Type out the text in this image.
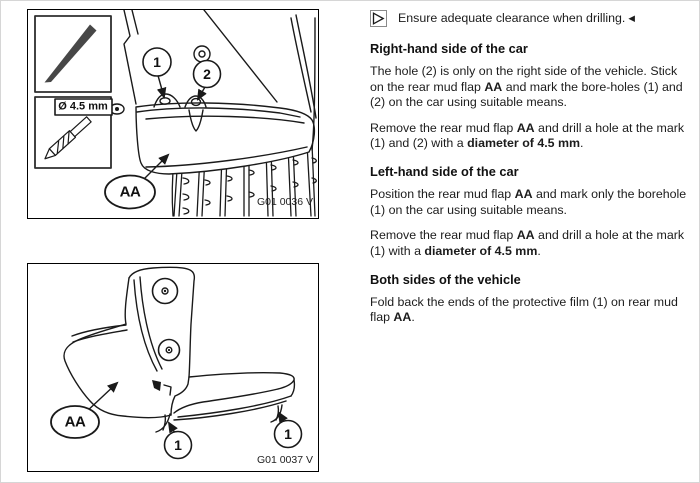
1
2
AA
Ø 4.5 mm
G01 0036 V
AA
1
1
G01 0037 V
Ensure adequate clearance when drilling. ◀
Right-hand side of the car

The hole (2) is only on the right side of the vehicle. Stick on the rear mud flap AA and mark the bore-holes (1) and (2) on the car using suitable means.

Remove the rear mud flap AA and drill a hole at the mark (1) and (2) with a diameter of 4.5 mm.

Left-hand side of the car

Position the rear mud flap AA and mark only the borehole (1) on the car using suitable means.

Remove the rear mud flap AA and drill a hole at the mark (1) with a diameter of 4.5 mm.

Both sides of the vehicle

Fold back the ends of the protective film (1) on rear mud flap AA.
